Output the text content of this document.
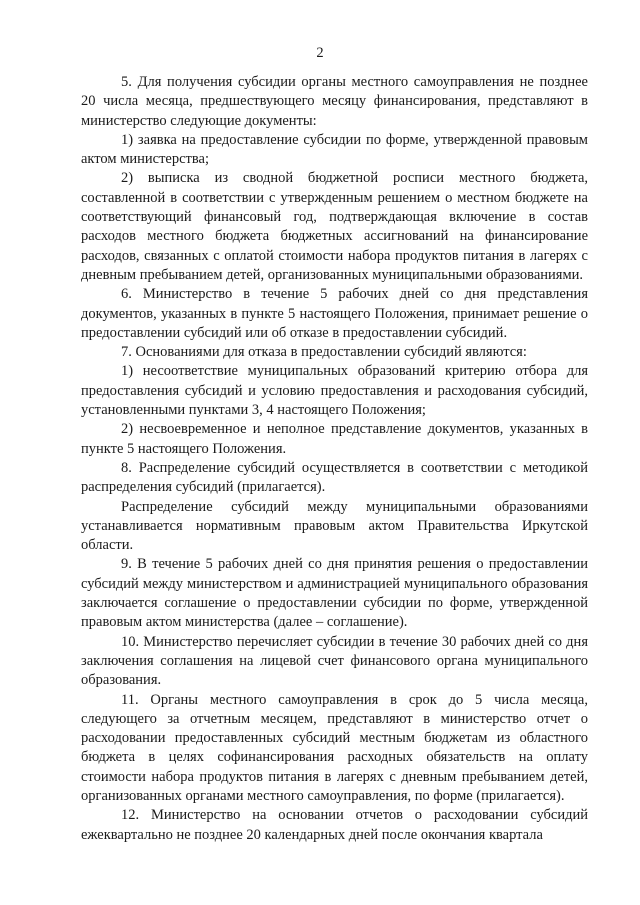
2

5. Для получения субсидии органы местного самоуправления не позднее 20 числа месяца, предшествующего месяцу финансирования, представляют в министерство следующие документы:

1) заявка на предоставление субсидии по форме, утвержденной правовым актом министерства;

2) выписка из сводной бюджетной росписи местного бюджета, составленной в соответствии с утвержденным решением о местном бюджете на соответствующий финансовый год, подтверждающая включение в состав расходов местного бюджета бюджетных ассигнований на финансирование расходов, связанных с оплатой стоимости набора продуктов питания в лагерях с дневным пребыванием детей, организованных муниципальными образованиями.

6. Министерство в течение 5 рабочих дней со дня представления документов, указанных в пункте 5 настоящего Положения, принимает решение о предоставлении субсидий или об отказе в предоставлении субсидий.

7. Основаниями для отказа в предоставлении субсидий являются:

1) несоответствие муниципальных образований критерию отбора для предоставления субсидий и условию предоставления и расходования субсидий, установленными пунктами 3, 4 настоящего Положения;

2) несвоевременное и неполное представление документов, указанных в пункте 5 настоящего Положения.

8. Распределение субсидий осуществляется в соответствии с методикой распределения субсидий (прилагается).

Распределение субсидий между муниципальными образованиями устанавливается нормативным правовым актом Правительства Иркутской области.

9. В течение 5 рабочих дней со дня принятия решения о предоставлении субсидий между министерством и администрацией муниципального образования заключается соглашение о предоставлении субсидии по форме, утвержденной правовым актом министерства (далее – соглашение).

10. Министерство перечисляет субсидии в течение 30 рабочих дней со дня заключения соглашения на лицевой счет финансового органа муниципального образования.

11. Органы местного самоуправления в срок до 5 числа месяца, следующего за отчетным месяцем, представляют в министерство отчет о расходовании предоставленных субсидий местным бюджетам из областного бюджета в целях софинансирования расходных обязательств на оплату стоимости набора продуктов питания в лагерях с дневным пребыванием детей, организованных органами местного самоуправления, по форме (прилагается).

12. Министерство на основании отчетов о расходовании субсидий ежеквартально не позднее 20 календарных дней после окончания квартала
